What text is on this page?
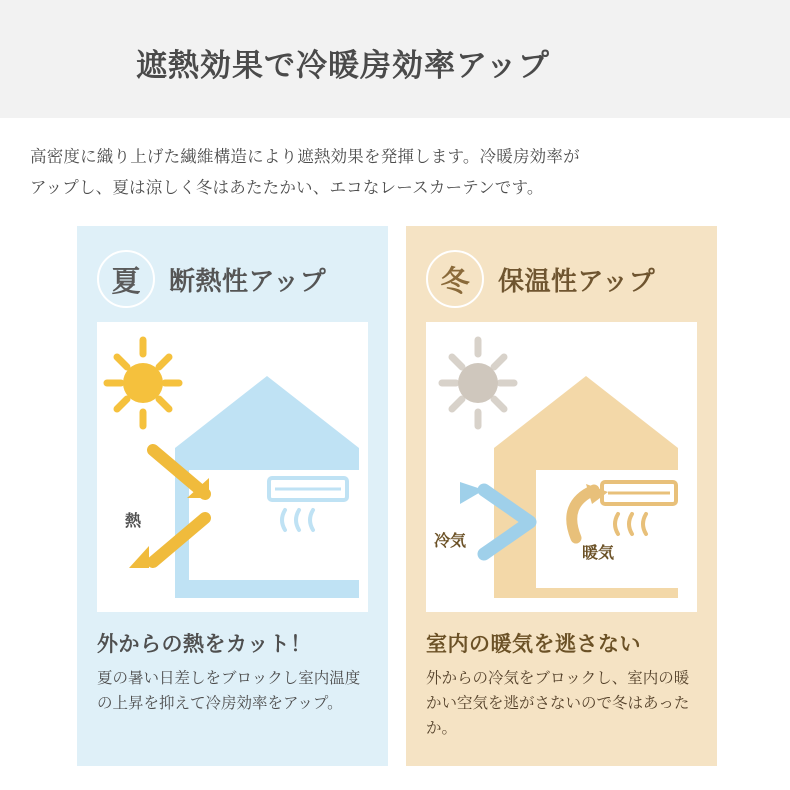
遮熱効果で冷暖房効率アップ
高密度に織り上げた繊維構造により遮熱効果を発揮します。冷暖房効率が
アップし、夏は涼しく冬はあたたかい、エコなレースカーテンです。
夏	断熱性アップ
熱
外からの熱をカット！
夏の暑い日差しをブロックし室内温度の上昇を抑えて冷房効率をアップ。
冬	保温性アップ
冷気
暖気
室内の暖気を逃さない
外からの冷気をブロックし、室内の暖かい空気を逃がさないので冬はあったか。
